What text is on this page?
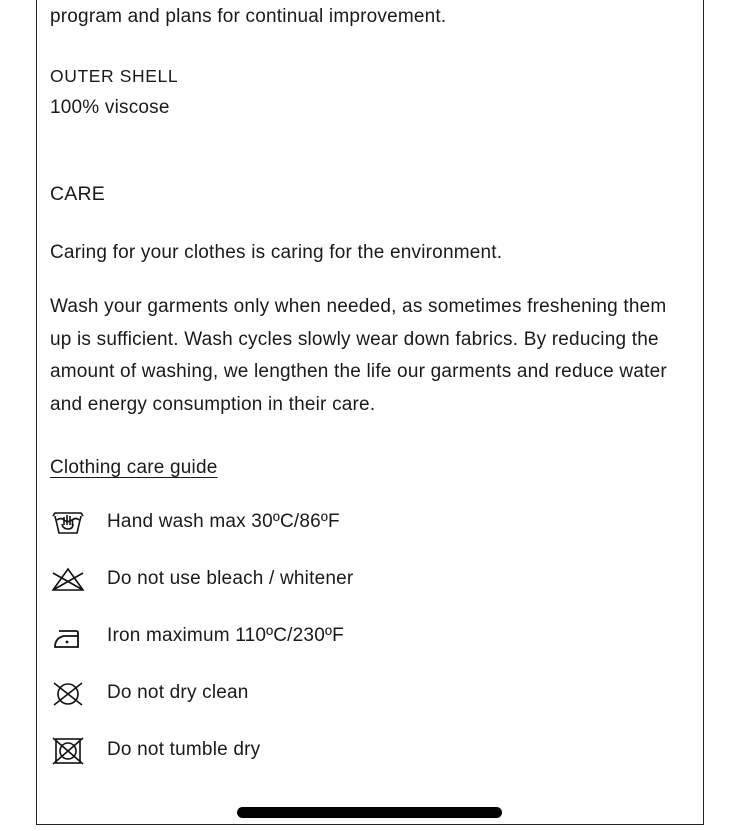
program and plans for continual improvement.
OUTER SHELL
100% viscose
CARE
Caring for your clothes is caring for the environment.
Wash your garments only when needed, as sometimes freshening them up is sufficient. Wash cycles slowly wear down fabrics. By reducing the amount of washing, we lengthen the life our garments and reduce water and energy consumption in their care.
Clothing care guide
Hand wash max 30ºC/86ºF
Do not use bleach / whitener
Iron maximum 110ºC/230ºF
Do not dry clean
Do not tumble dry
